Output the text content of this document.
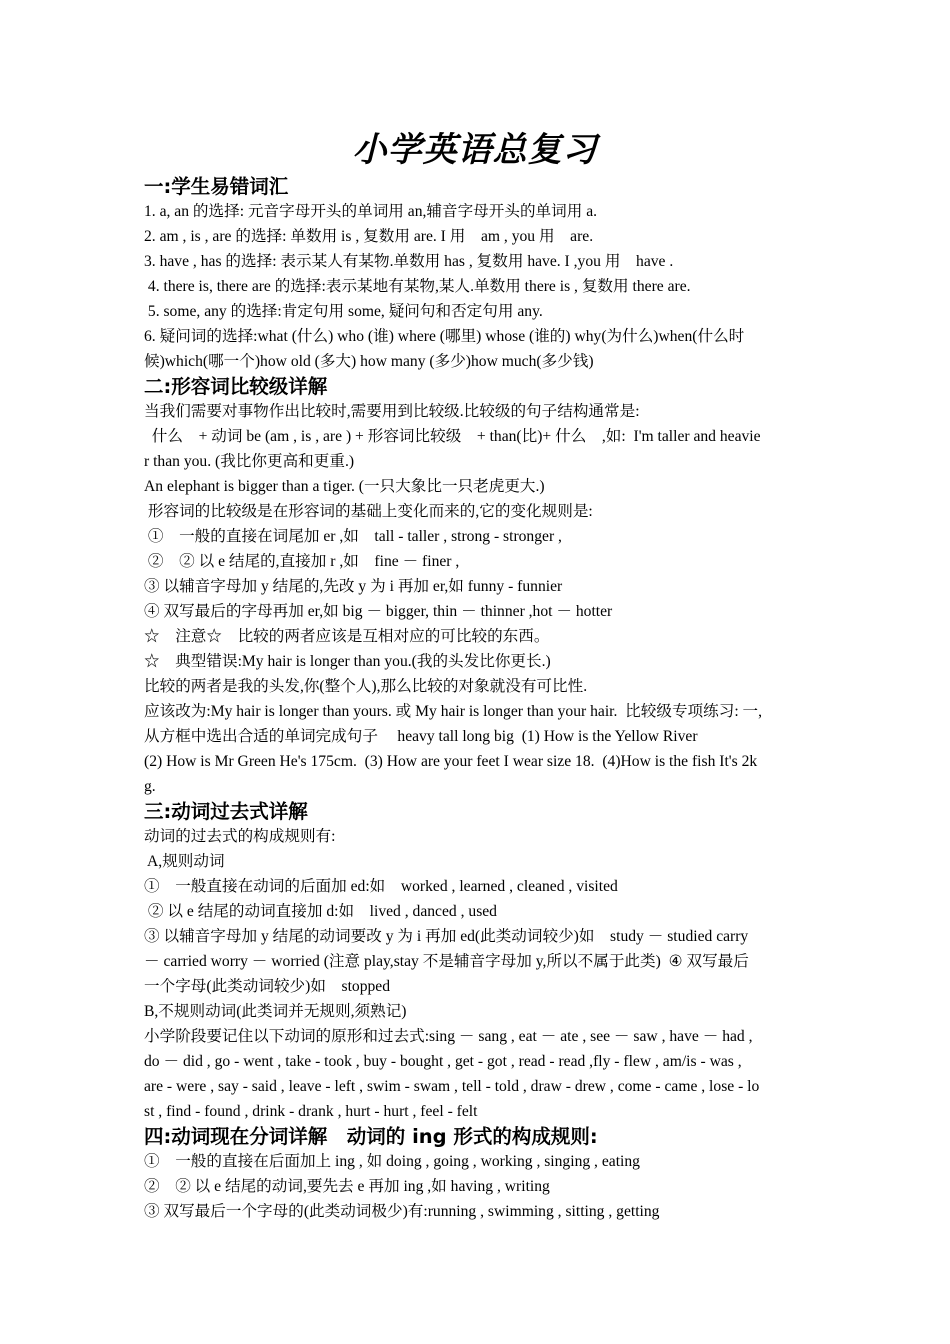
小学英语总复习
一:学生易错词汇

1. a, an 的选择: 元音字母开头的单词用 an,辅音字母开头的单词用 a.

2. am , is , are 的选择: 单数用 is , 复数用 are. I 用　am , you 用　are.

3. have , has 的选择: 表示某人有某物.单数用 has , 复数用 have. I ,you 用　have .

4. there is, there are 的选择:表示某地有某物,某人.单数用 there is , 复数用 there are.

5. some, any 的选择:肯定句用 some, 疑问句和否定句用 any.

6. 疑问词的选择:what (什么) who (谁) where (哪里) whose (谁的) why(为什么)when(什么时

候)which(哪一个)how old (多大) how many (多少)how much(多少钱)

二:形容词比较级详解

当我们需要对事物作出比较时,需要用到比较级.比较级的句子结构通常是:

什么　+ 动词 be (am , is , are ) + 形容词比较级　+ than(比)+ 什么　,如:  I'm taller and heavie

r than you. (我比你更高和更重.)

An elephant is bigger than a tiger. (一只大象比一只老虎更大.)

形容词的比较级是在形容词的基础上变化而来的,它的变化规则是:

①　一般的直接在词尾加 er ,如　tall - taller , strong - stronger ,

②　② 以 e 结尾的,直接加 r ,如　fine － finer ,

③ 以辅音字母加 y 结尾的,先改 y 为 i 再加 er,如 funny - funnier

④ 双写最后的字母再加 er,如 big － bigger, thin － thinner ,hot － hotter

☆　注意☆　比较的两者应该是互相对应的可比较的东西。

☆　典型错误:My hair is longer than you.(我的头发比你更长.)

比较的两者是我的头发,你(整个人),那么比较的对象就没有可比性.

应该改为:My hair is longer than yours. 或 My hair is longer than your hair.  比较级专项练习: 一,

从方框中选出合适的单词完成句子　 heavy tall long big  (1) How is the Yellow River

(2) How is Mr Green He's 175cm.  (3) How are your feet I wear size 18.  (4)How is the fish It's 2k

g.

三:动词过去式详解

动词的过去式的构成规则有:

A,规则动词

①　一般直接在动词的后面加 ed:如　worked , learned , cleaned , visited

② 以 e 结尾的动词直接加 d:如　lived , danced , used

③ 以辅音字母加 y 结尾的动词要改 y 为 i 再加 ed(此类动词较少)如　study － studied carry

－ carried worry － worried (注意 play,stay 不是辅音字母加 y,所以不属于此类)  ④ 双写最后

一个字母(此类动词较少)如　stopped

B,不规则动词(此类词并无规则,须熟记)

小学阶段要记住以下动词的原形和过去式:sing － sang , eat － ate , see － saw , have － had ,

do － did , go - went , take - took , buy - bought , get - got , read - read ,fly - flew , am/is - was ,

are - were , say - said , leave - left , swim - swam , tell - told , draw - drew , come - came , lose - lo

st , find - found , drink - drank , hurt - hurt , feel - felt

四:动词现在分词详解　动词的 ing 形式的构成规则:

①　一般的直接在后面加上 ing , 如 doing , going , working , singing , eating

②　② 以 e 结尾的动词,要先去 e 再加 ing ,如 having , writing

③ 双写最后一个字母的(此类动词极少)有:running , swimming , sitting , getting
